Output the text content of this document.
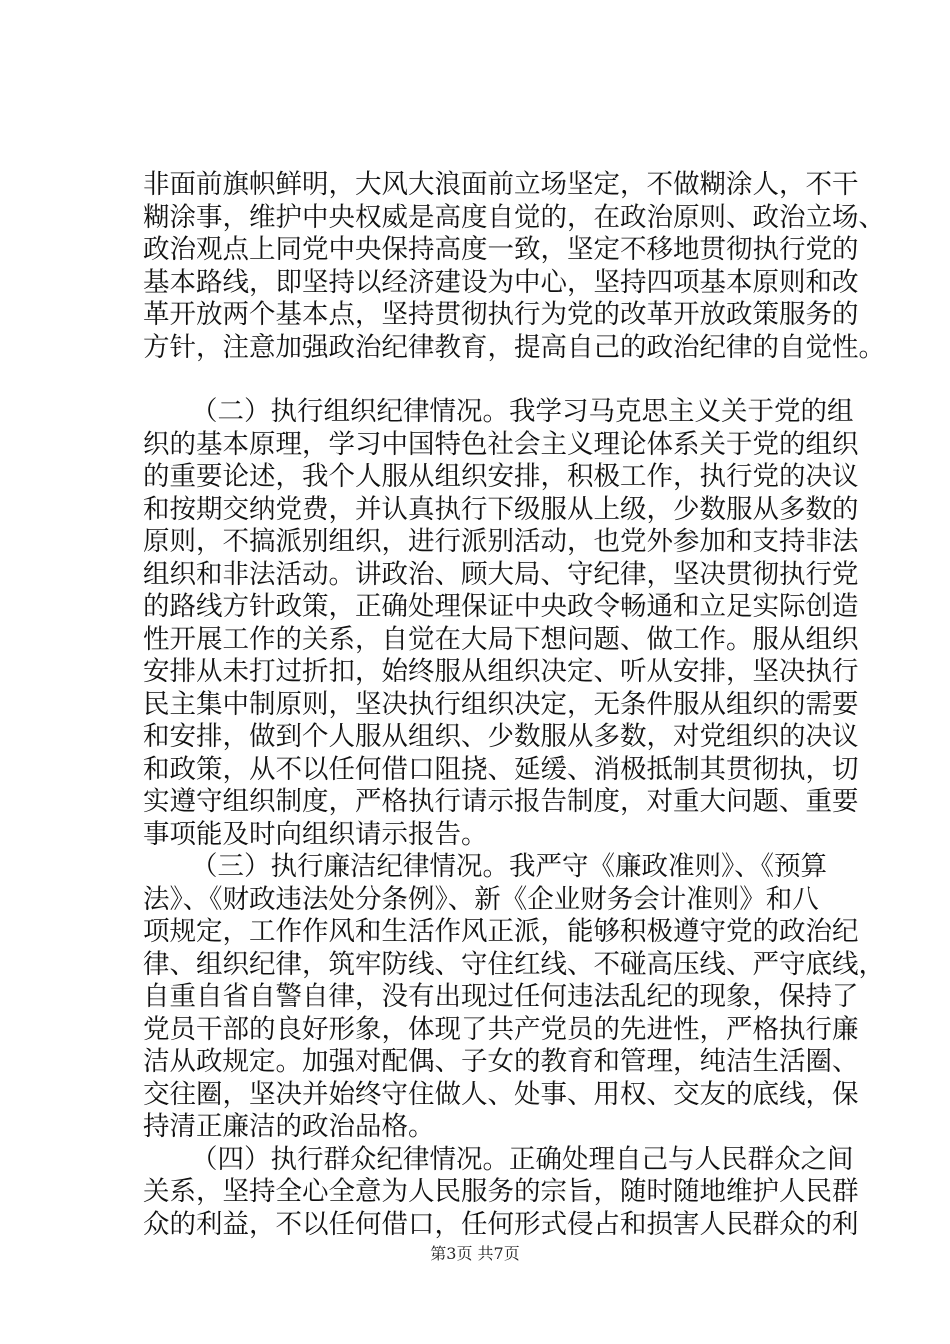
非面前旗帜鲜明，大风大浪面前立场坚定，不做糊涂人，不干
糊涂事，维护中央权威是高度自觉的，在政治原则、政治立场、
政治观点上同党中央保持高度一致，坚定不移地贯彻执行党的
基本路线，即坚持以经济建设为中心，坚持四项基本原则和改
革开放两个基本点，坚持贯彻执行为党的改革开放政策服务的
方针，注意加强政治纪律教育，提高自己的政治纪律的自觉性。
（二）执行组织纪律情况。我学习马克思主义关于党的组
织的基本原理，学习中国特色社会主义理论体系关于党的组织
的重要论述，我个人服从组织安排，积极工作，执行党的决议
和按期交纳党费，并认真执行下级服从上级，少数服从多数的
原则，不搞派别组织，进行派别活动，也党外参加和支持非法
组织和非法活动。讲政治、顾大局、守纪律，坚决贯彻执行党
的路线方针政策，正确处理保证中央政令畅通和立足实际创造
性开展工作的关系，自觉在大局下想问题、做工作。服从组织
安排从未打过折扣，始终服从组织决定、听从安排，坚决执行
民主集中制原则，坚决执行组织决定，无条件服从组织的需要
和安排，做到个人服从组织、少数服从多数，对党组织的决议
和政策，从不以任何借口阻挠、延缓、消极抵制其贯彻执，切
实遵守组织制度，严格执行请示报告制度，对重大问题、重要
事项能及时向组织请示报告。
（三）执行廉洁纪律情况。我严守《廉政准则》、《预算
法》、《财政违法处分条例》、新《企业财务会计准则》和八
项规定，工作作风和生活作风正派，能够积极遵守党的政治纪
律、组织纪律，筑牢防线、守住红线、不碰高压线、严守底线，
自重自省自警自律，没有出现过任何违法乱纪的现象，保持了
党员干部的良好形象，体现了共产党员的先进性，严格执行廉
洁从政规定。加强对配偶、子女的教育和管理，纯洁生活圈、
交往圈，坚决并始终守住做人、处事、用权、交友的底线，保
持清正廉洁的政治品格。
（四）执行群众纪律情况。正确处理自己与人民群众之间
关系，坚持全心全意为人民服务的宗旨，随时随地维护人民群
众的利益，不以任何借口，任何形式侵占和损害人民群众的利
第3页 共7页
